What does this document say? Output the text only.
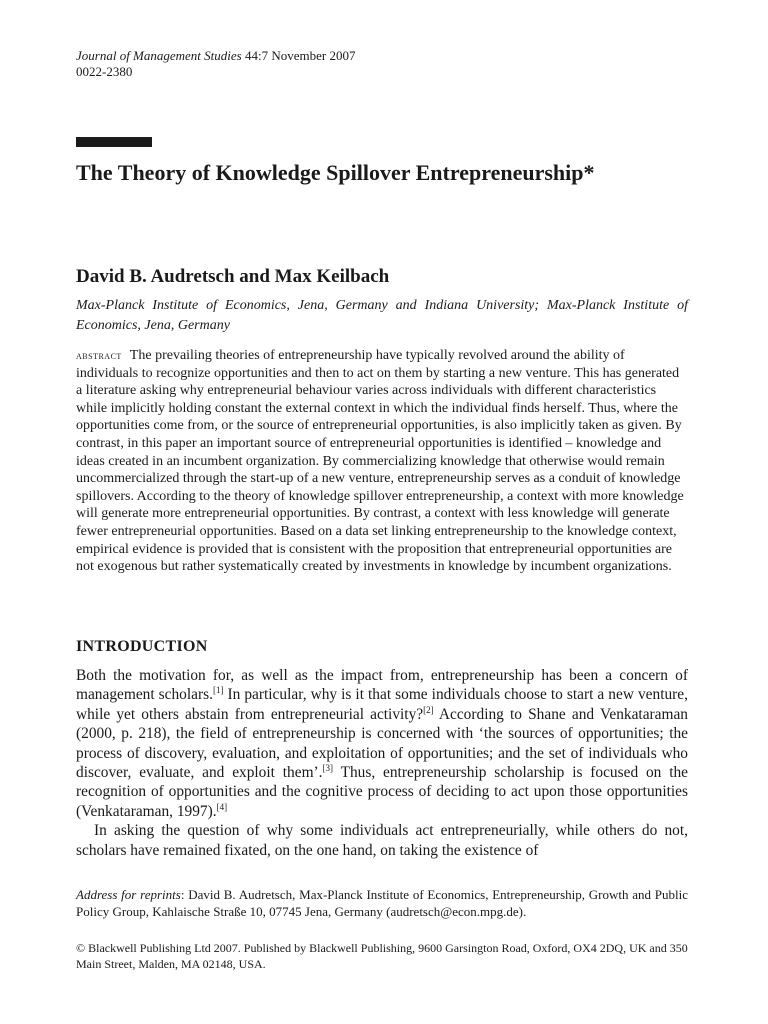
Journal of Management Studies 44:7 November 2007
0022-2380
The Theory of Knowledge Spillover Entrepreneurship*
David B. Audretsch and Max Keilbach
Max-Planck Institute of Economics, Jena, Germany and Indiana University; Max-Planck Institute of Economics, Jena, Germany
abstract The prevailing theories of entrepreneurship have typically revolved around the ability of individuals to recognize opportunities and then to act on them by starting a new venture. This has generated a literature asking why entrepreneurial behaviour varies across individuals with different characteristics while implicitly holding constant the external context in which the individual finds herself. Thus, where the opportunities come from, or the source of entrepreneurial opportunities, is also implicitly taken as given. By contrast, in this paper an important source of entrepreneurial opportunities is identified – knowledge and ideas created in an incumbent organization. By commercializing knowledge that otherwise would remain uncommercialized through the start-up of a new venture, entrepreneurship serves as a conduit of knowledge spillovers. According to the theory of knowledge spillover entrepreneurship, a context with more knowledge will generate more entrepreneurial opportunities. By contrast, a context with less knowledge will generate fewer entrepreneurial opportunities. Based on a data set linking entrepreneurship to the knowledge context, empirical evidence is provided that is consistent with the proposition that entrepreneurial opportunities are not exogenous but rather systematically created by investments in knowledge by incumbent organizations.
INTRODUCTION

Both the motivation for, as well as the impact from, entrepreneurship has been a concern of management scholars.[1] In particular, why is it that some individuals choose to start a new venture, while yet others abstain from entrepreneurial activity?[2] According to Shane and Venkataraman (2000, p. 218), the field of entrepreneurship is concerned with ‘the sources of opportunities; the process of discovery, evaluation, and exploitation of opportunities; and the set of individuals who discover, evaluate, and exploit them’.[3] Thus, entrepreneurship scholarship is focused on the recognition of opportunities and the cognitive process of deciding to act upon those opportunities (Venkataraman, 1997).[4]

In asking the question of why some individuals act entrepreneurially, while others do not, scholars have remained fixated, on the one hand, on taking the existence of

Address for reprints: David B. Audretsch, Max-Planck Institute of Economics, Entrepreneurship, Growth and Public Policy Group, Kahlaische Straße 10, 07745 Jena, Germany (audretsch@econ.mpg.de).
© Blackwell Publishing Ltd 2007. Published by Blackwell Publishing, 9600 Garsington Road, Oxford, OX4 2DQ, UK and 350 Main Street, Malden, MA 02148, USA.
